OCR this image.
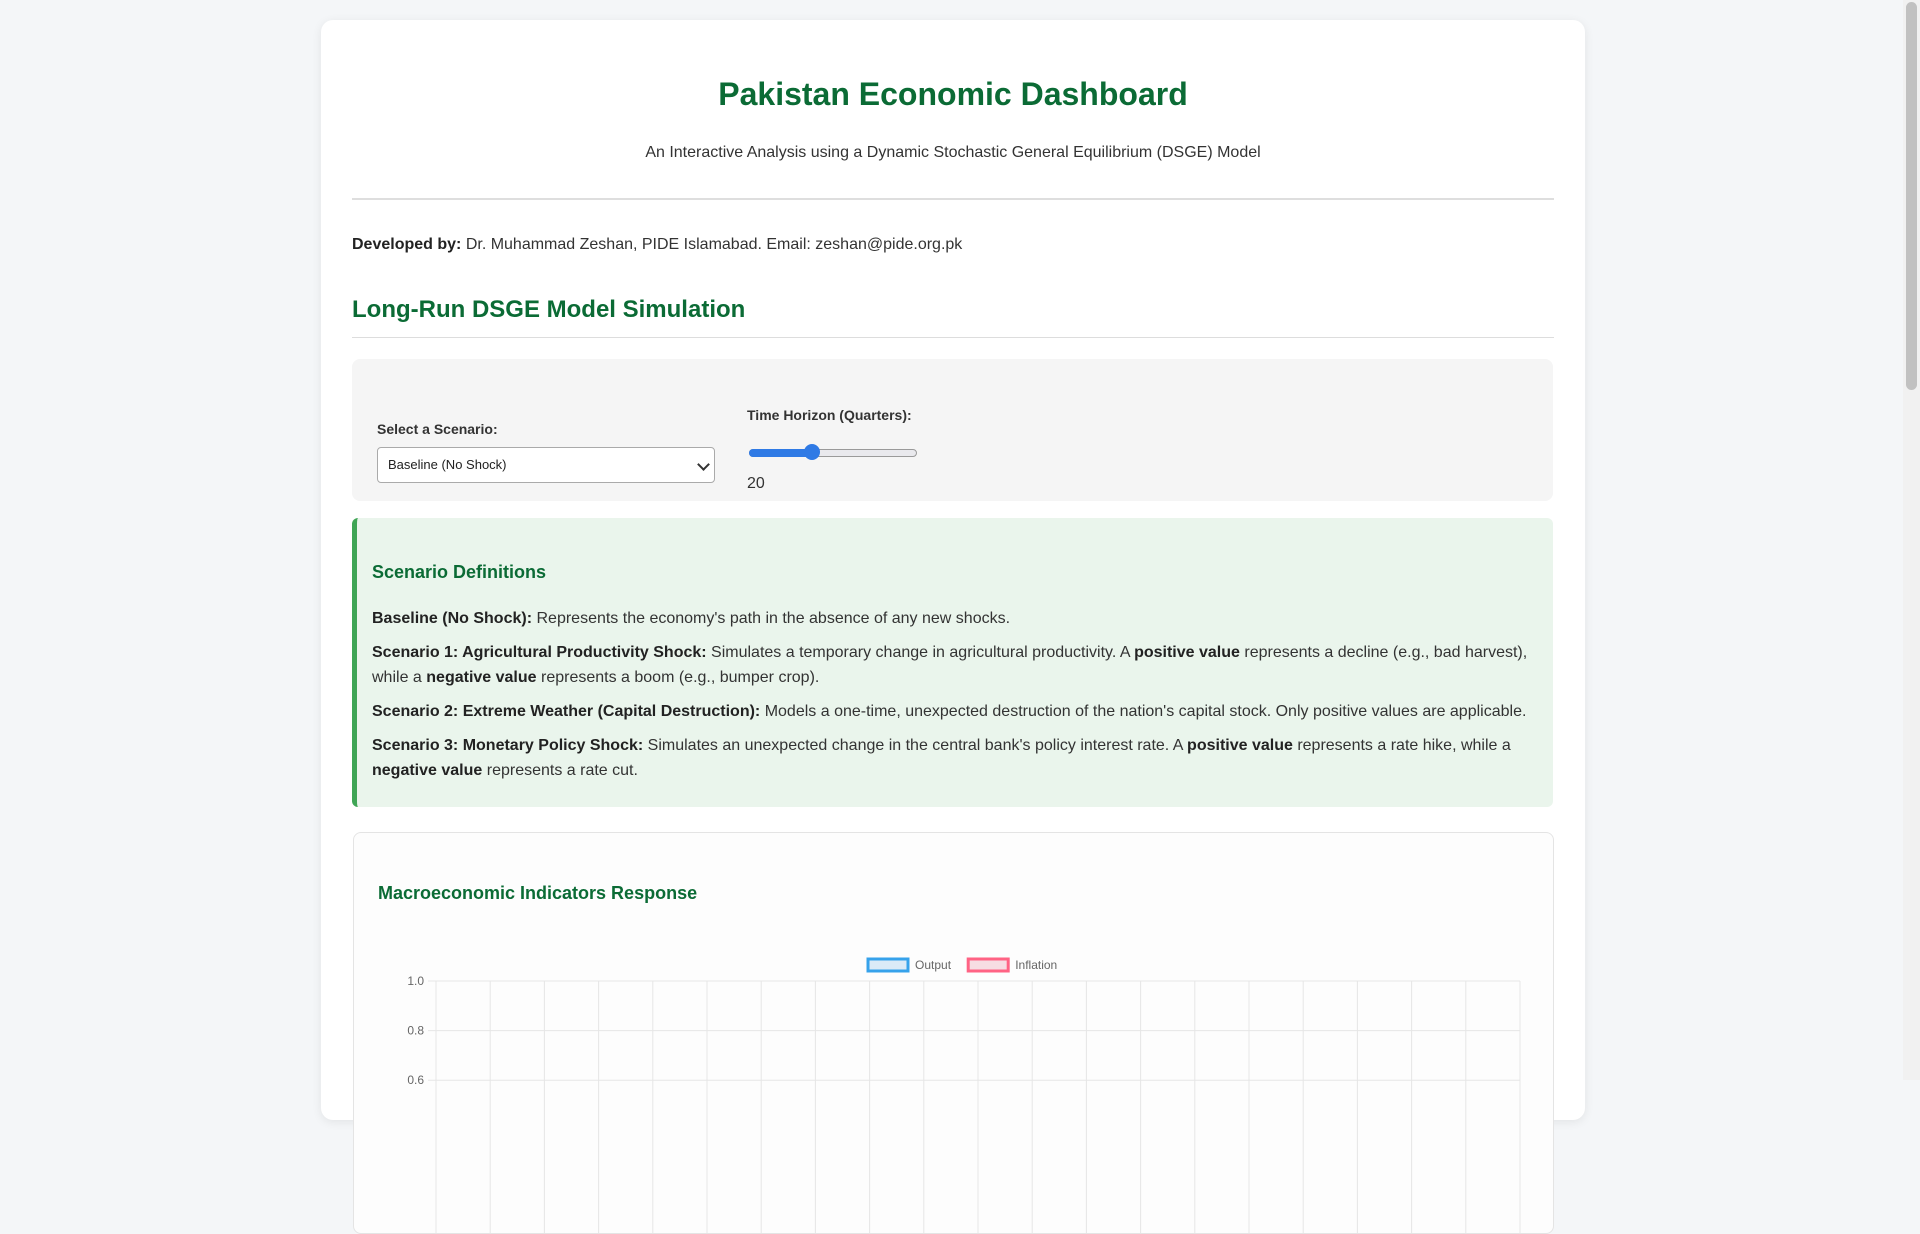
Pakistan Economic Dashboard

An Interactive Analysis using a Dynamic Stochastic General Equilibrium (DSGE) Model

Developed by: Dr. Muhammad Zeshan, PIDE Islamabad. Email: zeshan@pide.org.pk
Long-Run DSGE Model Simulation
Select a Scenario:
Baseline (No Shock)
Time Horizon (Quarters):
20
Scenario Definitions

Baseline (No Shock): Represents the economy's path in the absence of any new shocks.

Scenario 1: Agricultural Productivity Shock: Simulates a temporary change in agricultural productivity. A positive value represents a decline (e.g., bad harvest), while a negative value represents a boom (e.g., bumper crop).

Scenario 2: Extreme Weather (Capital Destruction): Models a one-time, unexpected destruction of the nation's capital stock. Only positive values are applicable.

Scenario 3: Monetary Policy Shock: Simulates an unexpected change in the central bank's policy interest rate. A positive value represents a rate hike, while a negative value represents a rate cut.

Macroeconomic Indicators Response
Output	Inflation
1.0
0.8
0.6
